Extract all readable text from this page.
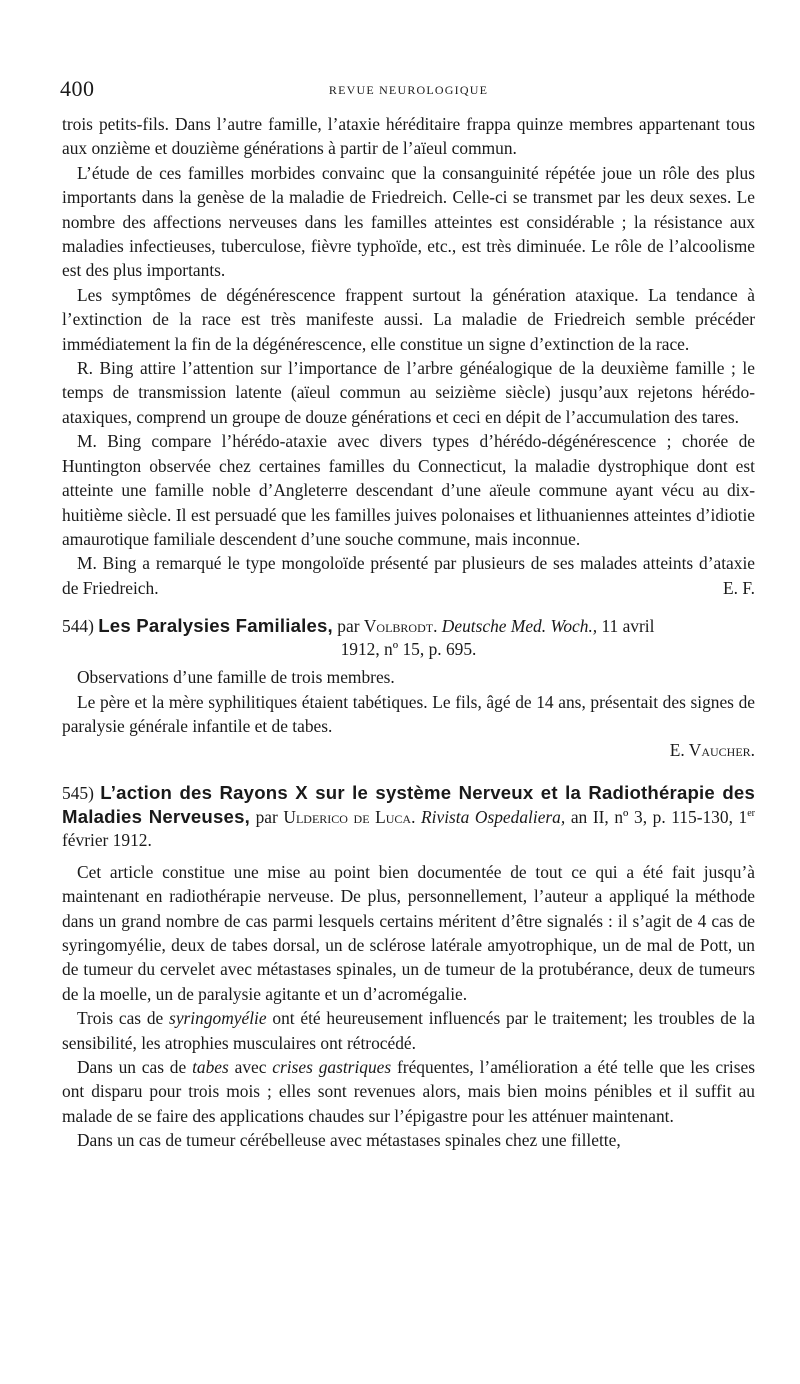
400	REVUE NEUROLOGIQUE

trois petits-fils. Dans l’autre famille, l’ataxie héréditaire frappa quinze membres appartenant tous aux onzième et douzième générations à partir de l’aïeul commun.

L’étude de ces familles morbides convainc que la consanguinité répétée joue un rôle des plus importants dans la genèse de la maladie de Friedreich. Celle-ci se transmet par les deux sexes. Le nombre des affections nerveuses dans les familles atteintes est considérable ; la résistance aux maladies infectieuses, tuberculose, fièvre typhoïde, etc., est très diminuée. Le rôle de l’alcoolisme est des plus importants.

Les symptômes de dégénérescence frappent surtout la génération ataxique. La tendance à l’extinction de la race est très manifeste aussi. La maladie de Friedreich semble précéder immédiatement la fin de la dégénérescence, elle constitue un signe d’extinction de la race.

R. Bing attire l’attention sur l’importance de l’arbre généalogique de la deuxième famille ; le temps de transmission latente (aïeul commun au seizième siècle) jusqu’aux rejetons hérédo-ataxiques, comprend un groupe de douze générations et ceci en dépit de l’accumulation des tares.

M. Bing compare l’hérédo-ataxie avec divers types d’hérédo-dégénérescence ; chorée de Huntington observée chez certaines familles du Connecticut, la maladie dystrophique dont est atteinte une famille noble d’Angleterre descendant d’une aïeule commune ayant vécu au dix-huitième siècle. Il est persuadé que les familles juives polonaises et lithuaniennes atteintes d’idiotie amaurotique familiale descendent d’une souche commune, mais inconnue.

M. Bing a remarqué le type mongoloïde présenté par plusieurs de ses malades atteints d’ataxie de Friedreich.	E. F.

544) Les Paralysies Familiales, par Volbrodt. Deutsche Med. Woch., 11 avril
1912, nº 15, p. 695.

Observations d’une famille de trois membres.

Le père et la mère syphilitiques étaient tabétiques. Le fils, âgé de 14 ans, présentait des signes de paralysie générale infantile et de tabes.

E. Vaucher.
545) L’action des Rayons X sur le système Nerveux et la Radiothérapie des Maladies Nerveuses, par Ulderico de Luca. Rivista Ospedaliera, an II, nº 3, p. 115-130, 1er février 1912.

Cet article constitue une mise au point bien documentée de tout ce qui a été fait jusqu’à maintenant en radiothérapie nerveuse. De plus, personnellement, l’auteur a appliqué la méthode dans un grand nombre de cas parmi lesquels certains méritent d’être signalés : il s’agit de 4 cas de syringomyélie, deux de tabes dorsal, un de sclérose latérale amyotrophique, un de mal de Pott, un de tumeur du cervelet avec métastases spinales, un de tumeur de la protubérance, deux de tumeurs de la moelle, un de paralysie agitante et un d’acromégalie.

Trois cas de syringomyélie ont été heureusement influencés par le traitement; les troubles de la sensibilité, les atrophies musculaires ont rétrocédé.

Dans un cas de tabes avec crises gastriques fréquentes, l’amélioration a été telle que les crises ont disparu pour trois mois ; elles sont revenues alors, mais bien moins pénibles et il suffit au malade de se faire des applications chaudes sur l’épigastre pour les atténuer maintenant.

Dans un cas de tumeur cérébelleuse avec métastases spinales chez une fillette,
